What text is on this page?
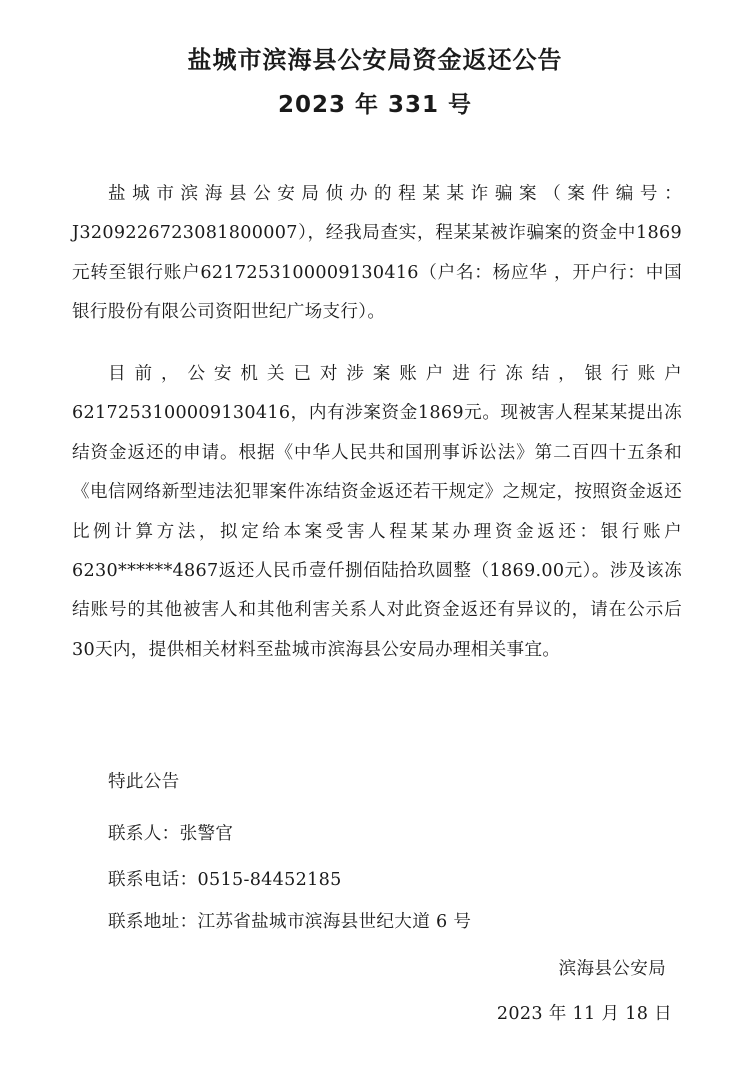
盐城市滨海县公安局资金返还公告
2023 年 331 号

盐城市滨海县公安局侦办的程某某诈骗案（案件编号：J3209226723081800007），经我局查实，程某某被诈骗案的资金中1869元转至银行账户6217253100009130416（户名：杨应华 ，开户行：中国银行股份有限公司资阳世纪广场支行）。

目前，公安机关已对涉案账户进行冻结，银行账户6217253100009130416，内有涉案资金1869元。现被害人程某某提出冻结资金返还的申请。根据《中华人民共和国刑事诉讼法》第二百四十五条和《电信网络新型违法犯罪案件冻结资金返还若干规定》之规定，按照资金返还比例计算方法，拟定给本案受害人程某某办理资金返还：银行账户6230******4867返还人民币壹仟捌佰陆拾玖圆整（1869.00元）。涉及该冻结账号的其他被害人和其他利害关系人对此资金返还有异议的，请在公示后30天内，提供相关材料至盐城市滨海县公安局办理相关事宜。

特此公告

联系人：张警官

联系电话：0515-84452185

联系地址：江苏省盐城市滨海县世纪大道 6 号

滨海县公安局

2023 年 11 月 18 日
